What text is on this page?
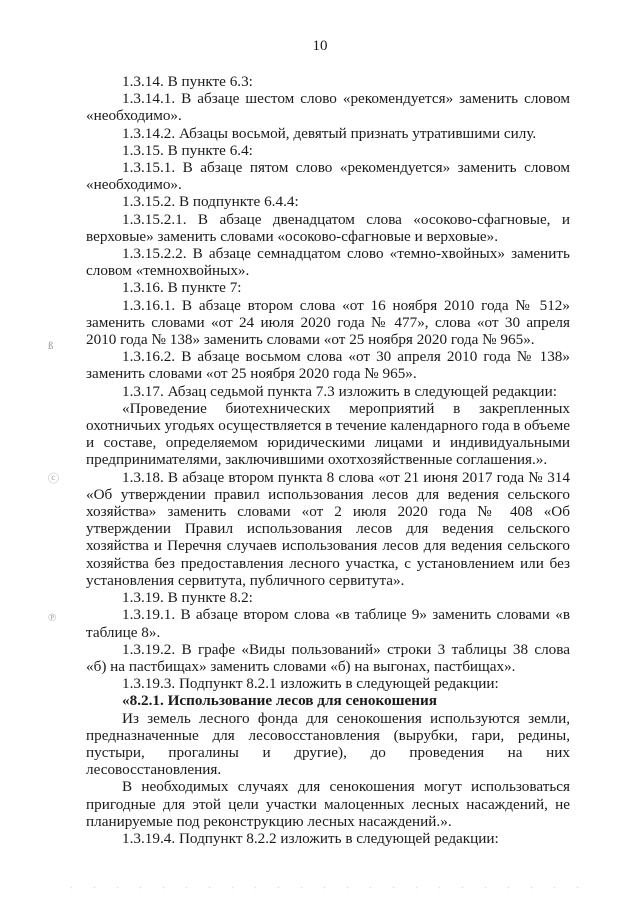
10
ß
ⓒ
℗

1.3.14. В пункте 6.3:

1.3.14.1. В абзаце шестом слово «рекомендуется» заменить словом «необходимо».

1.3.14.2. Абзацы восьмой, девятый признать утратившими силу.

1.3.15. В пункте 6.4:

1.3.15.1. В абзаце пятом слово «рекомендуется» заменить словом «необходимо».

1.3.15.2. В подпункте 6.4.4:

1.3.15.2.1. В абзаце двенадцатом слова «осоково-сфагновые, и верховые» заменить словами «осоково-сфагновые и верховые».

1.3.15.2.2. В абзаце семнадцатом слово «темно-хвойных» заменить словом «темнохвойных».

1.3.16. В пункте 7:

1.3.16.1. В абзаце втором слова «от 16 ноября 2010 года № 512» заменить словами «от 24 июля 2020 года № 477», слова «от 30 апреля 2010 года № 138» заменить словами «от 25 ноября 2020 года № 965».

1.3.16.2. В абзаце восьмом слова «от 30 апреля 2010 года № 138» заменить словами «от 25 ноября 2020 года № 965».

1.3.17. Абзац седьмой пункта 7.3 изложить в следующей редакции:

«Проведение биотехнических мероприятий в закрепленных охотничьих угодьях осуществляется в течение календарного года в объеме и составе, определяемом юридическими лицами и индивидуальными предпринимателями, заключившими охотхозяйственные соглашения.».

1.3.18. В абзаце втором пункта 8 слова «от 21 июня 2017 года № 314 «Об утверждении правил использования лесов для ведения сельского хозяйства» заменить словами «от 2 июля 2020 года № 408 «Об утверждении Правил использования лесов для ведения сельского хозяйства и Перечня случаев использования лесов для ведения сельского хозяйства без предоставления лесного участка, с установлением или без установления сервитута, публичного сервитута».

1.3.19. В пункте 8.2:

1.3.19.1. В абзаце втором слова «в таблице 9» заменить словами «в таблице 8».

1.3.19.2. В графе «Виды пользований» строки 3 таблицы 38 слова «б) на пастбищах» заменить словами «б) на выгонах, пастбищах».

1.3.19.3. Подпункт 8.2.1 изложить в следующей редакции:

«8.2.1. Использование лесов для сенокошения

Из земель лесного фонда для сенокошения используются земли, предназначенные для лесовосстановления (вырубки, гари, редины, пустыри, прогалины и другие), до проведения на них лесовосстановления.

В необходимых случаях для сенокошения могут использоваться пригодные для этой цели участки малоценных лесных насаждений, не планируемые под реконструкцию лесных насаждений.».

1.3.19.4. Подпункт 8.2.2 изложить в следующей редакции:
